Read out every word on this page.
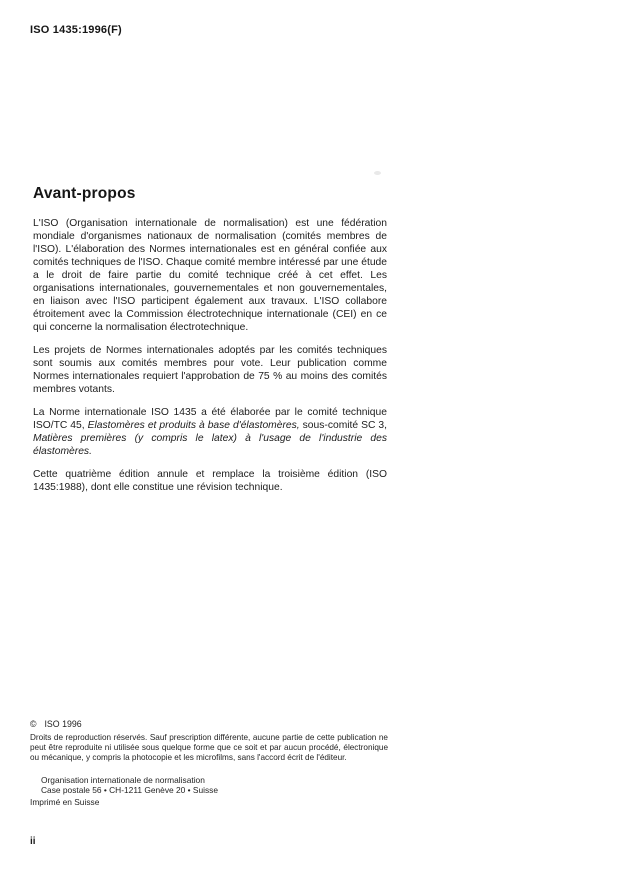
ISO 1435:1996(F)
Avant-propos

L'ISO (Organisation internationale de normalisation) est une fédération mondiale d'organismes nationaux de normalisation (comités membres de l'ISO). L'élaboration des Normes internationales est en général confiée aux comités techniques de l'ISO. Chaque comité membre intéressé par une étude a le droit de faire partie du comité technique créé à cet effet. Les organisations internationales, gouvernementales et non gouvernementales, en liaison avec l'ISO participent également aux travaux. L'ISO collabore étroitement avec la Commission électrotechnique internationale (CEI) en ce qui concerne la normalisation électrotechnique.

Les projets de Normes internationales adoptés par les comités techniques sont soumis aux comités membres pour vote. Leur publication comme Normes internationales requiert l'approbation de 75 % au moins des comités membres votants.

La Norme internationale ISO 1435 a été élaborée par le comité technique ISO/TC 45, Elastomères et produits à base d'élastomères, sous-comité SC 3, Matières premières (y compris le latex) à l'usage de l'industrie des élastomères.

Cette quatrième édition annule et remplace la troisième édition (ISO 1435:1988), dont elle constitue une révision technique.

© ISO 1996
Droits de reproduction réservés. Sauf prescription différente, aucune partie de cette publication ne peut être reproduite ni utilisée sous quelque forme que ce soit et par aucun procédé, électronique ou mécanique, y compris la photocopie et les microfilms, sans l'accord écrit de l'éditeur.
Organisation internationale de normalisation
Case postale 56 • CH-1211 Genève 20 • Suisse
Imprimé en Suisse
ii
